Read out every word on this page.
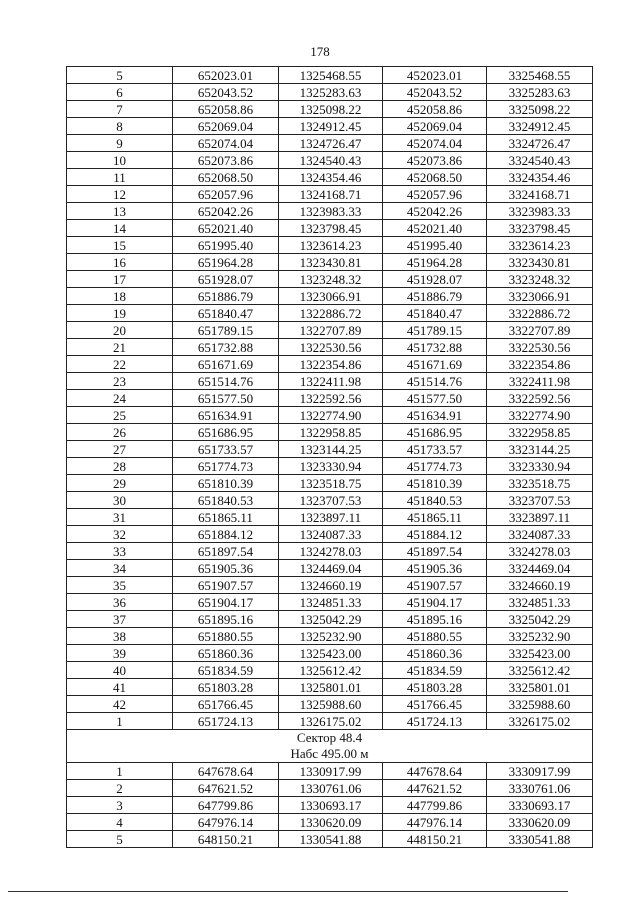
178
5	652023.01	1325468.55	452023.01	3325468.55
6	652043.52	1325283.63	452043.52	3325283.63
7	652058.86	1325098.22	452058.86	3325098.22
8	652069.04	1324912.45	452069.04	3324912.45
9	652074.04	1324726.47	452074.04	3324726.47
10	652073.86	1324540.43	452073.86	3324540.43
11	652068.50	1324354.46	452068.50	3324354.46
12	652057.96	1324168.71	452057.96	3324168.71
13	652042.26	1323983.33	452042.26	3323983.33
14	652021.40	1323798.45	452021.40	3323798.45
15	651995.40	1323614.23	451995.40	3323614.23
16	651964.28	1323430.81	451964.28	3323430.81
17	651928.07	1323248.32	451928.07	3323248.32
18	651886.79	1323066.91	451886.79	3323066.91
19	651840.47	1322886.72	451840.47	3322886.72
20	651789.15	1322707.89	451789.15	3322707.89
21	651732.88	1322530.56	451732.88	3322530.56
22	651671.69	1322354.86	451671.69	3322354.86
23	651514.76	1322411.98	451514.76	3322411.98
24	651577.50	1322592.56	451577.50	3322592.56
25	651634.91	1322774.90	451634.91	3322774.90
26	651686.95	1322958.85	451686.95	3322958.85
27	651733.57	1323144.25	451733.57	3323144.25
28	651774.73	1323330.94	451774.73	3323330.94
29	651810.39	1323518.75	451810.39	3323518.75
30	651840.53	1323707.53	451840.53	3323707.53
31	651865.11	1323897.11	451865.11	3323897.11
32	651884.12	1324087.33	451884.12	3324087.33
33	651897.54	1324278.03	451897.54	3324278.03
34	651905.36	1324469.04	451905.36	3324469.04
35	651907.57	1324660.19	451907.57	3324660.19
36	651904.17	1324851.33	451904.17	3324851.33
37	651895.16	1325042.29	451895.16	3325042.29
38	651880.55	1325232.90	451880.55	3325232.90
39	651860.36	1325423.00	451860.36	3325423.00
40	651834.59	1325612.42	451834.59	3325612.42
41	651803.28	1325801.01	451803.28	3325801.01
42	651766.45	1325988.60	451766.45	3325988.60
1	651724.13	1326175.02	451724.13	3326175.02

Сектор 48.4
Набс 495.00 м				

1	647678.64	1330917.99	447678.64	3330917.99
2	647621.52	1330761.06	447621.52	3330761.06
3	647799.86	1330693.17	447799.86	3330693.17
4	647976.14	1330620.09	447976.14	3330620.09
5	648150.21	1330541.88	448150.21	3330541.88
